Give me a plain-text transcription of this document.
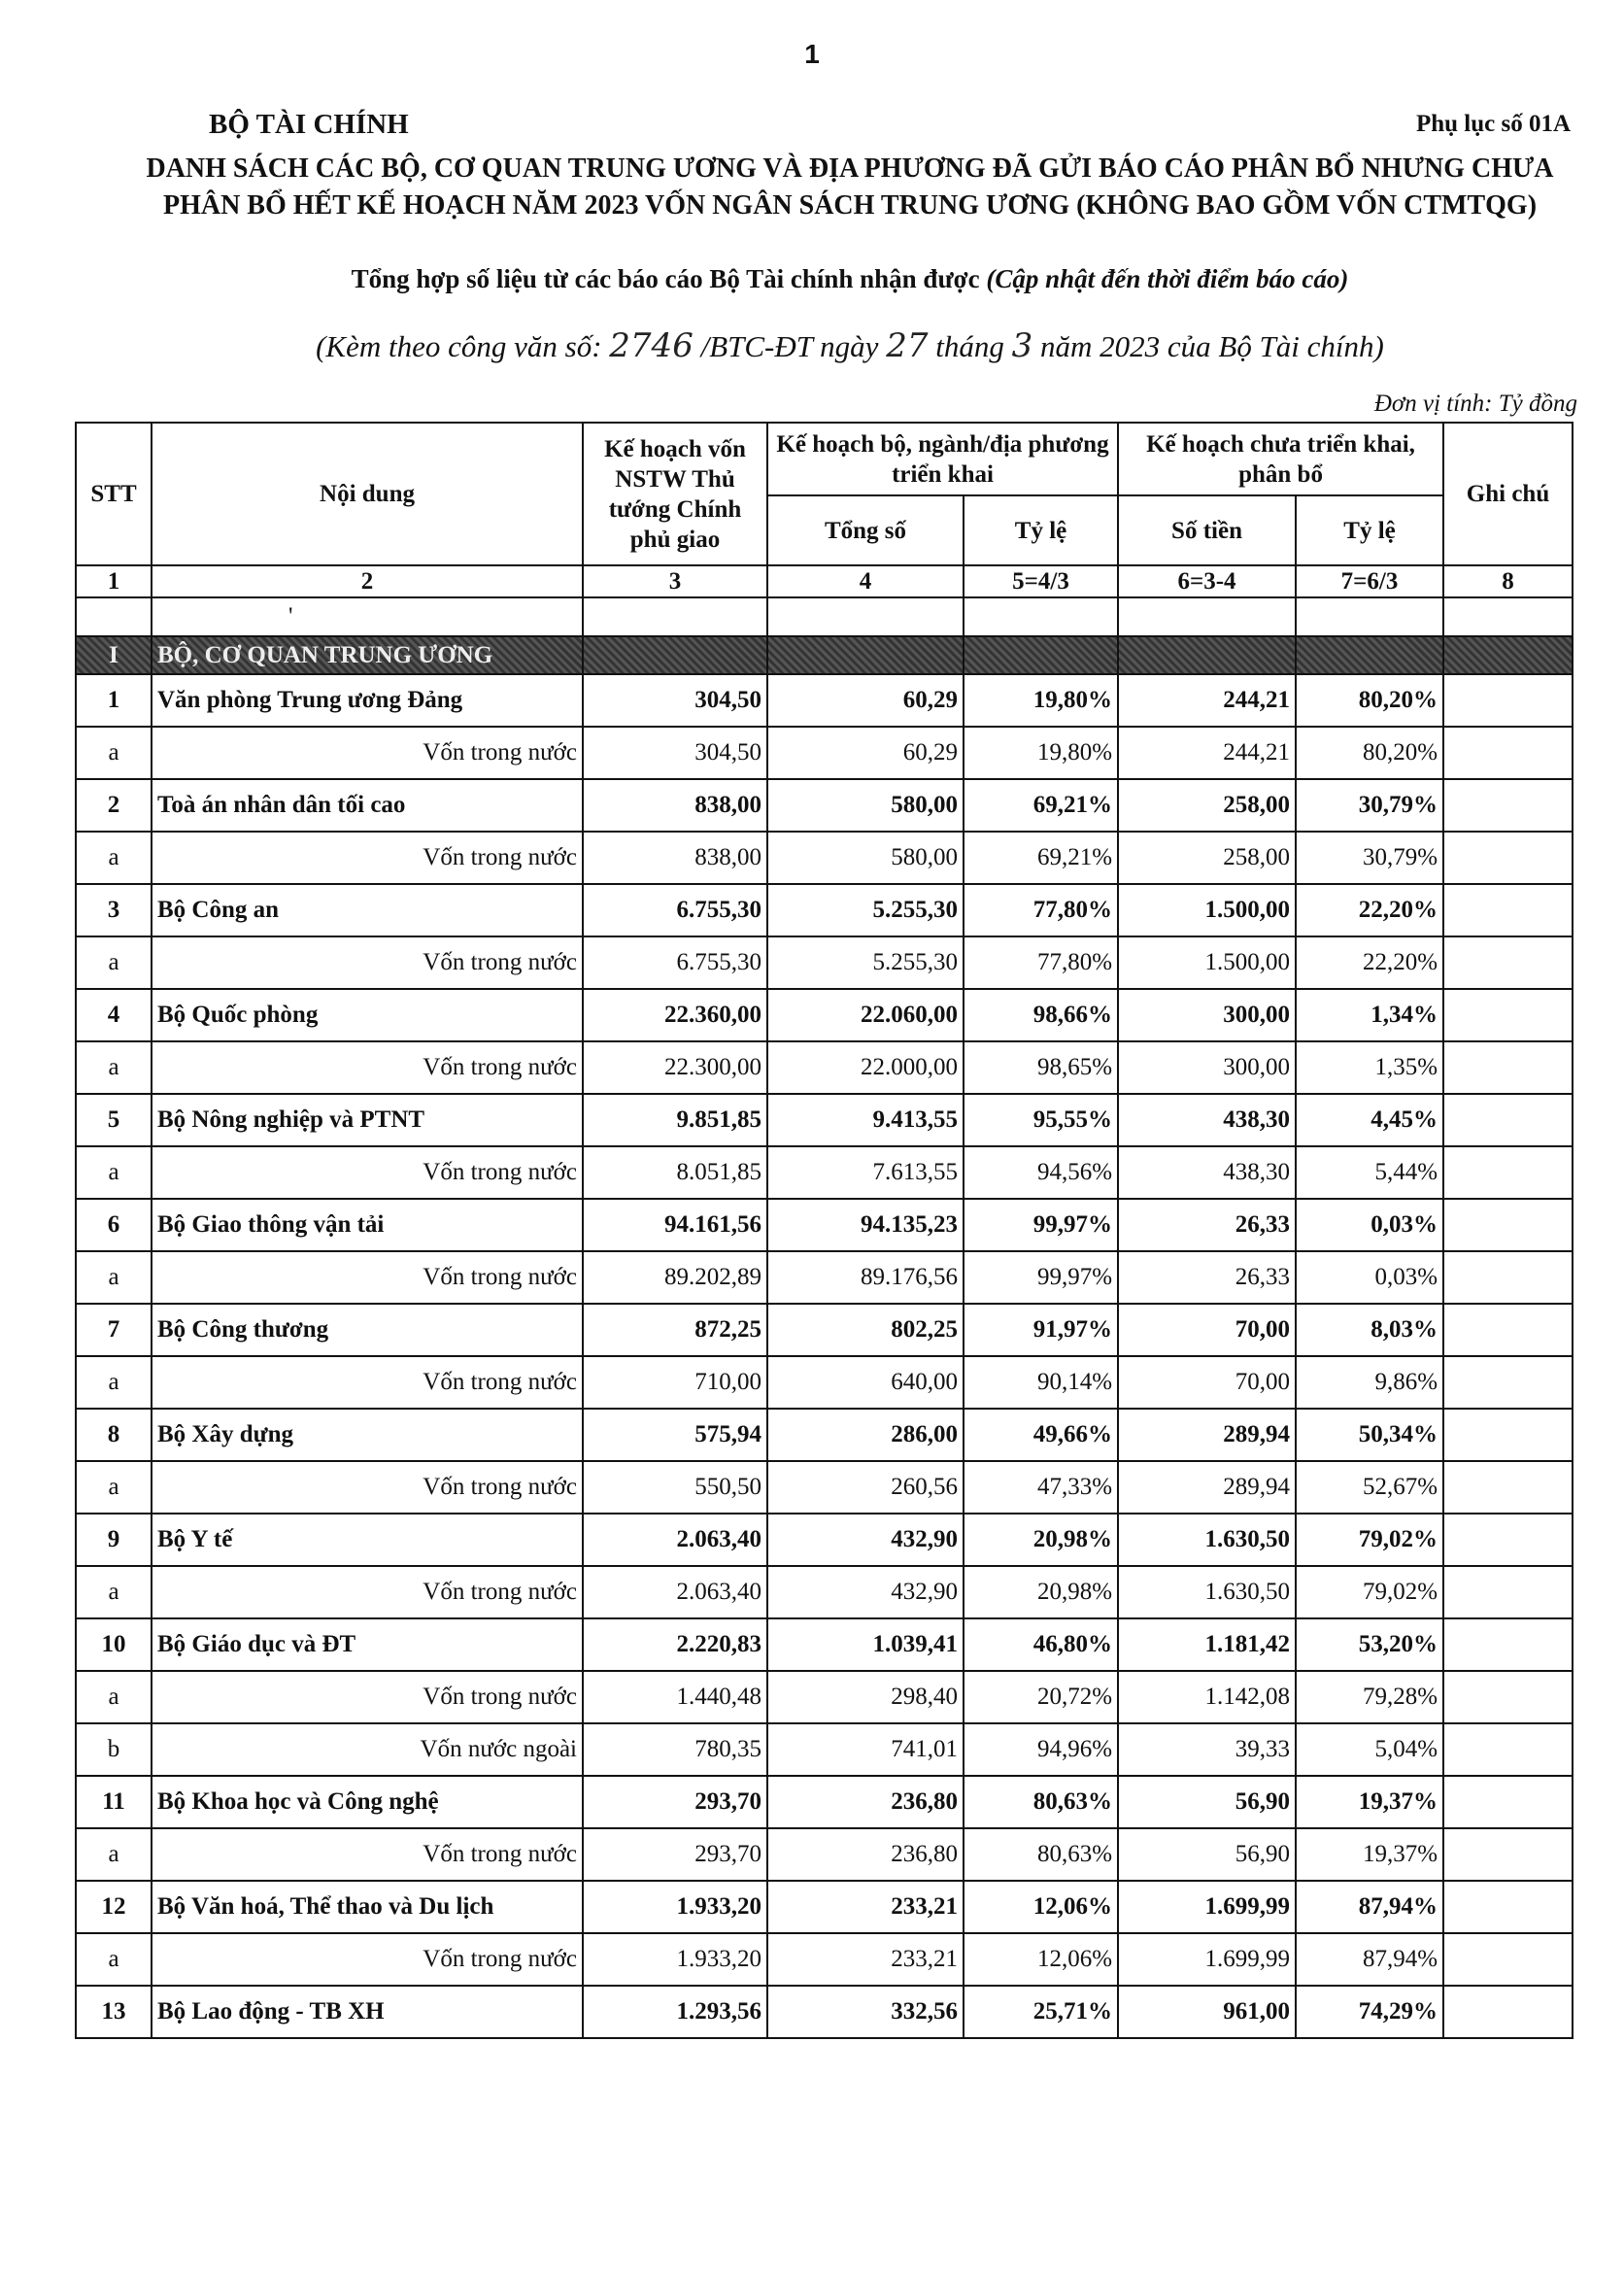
1
BỘ TÀI CHÍNH	Phụ lục số 01A
DANH SÁCH CÁC BỘ, CƠ QUAN TRUNG ƯƠNG VÀ ĐỊA PHƯƠNG ĐÃ GỬI BÁO CÁO PHÂN BỔ NHƯNG CHƯA PHÂN BỔ HẾT KẾ HOẠCH NĂM 2023 VỐN NGÂN SÁCH TRUNG ƯƠNG (KHÔNG BAO GỒM VỐN CTMTQG)
Tổng hợp số liệu từ các báo cáo Bộ Tài chính nhận được (Cập nhật đến thời điểm báo cáo)
(Kèm theo công văn số: 2746 /BTC-ĐT ngày 27 tháng 3 năm 2023 của Bộ Tài chính)
Đơn vị tính: Tỷ đồng
STT	Nội dung	Kế hoạch vốn NSTW Thủ tướng Chính phủ giao	Kế hoạch bộ, ngành/địa phương triển khai		Kế hoạch chưa triển khai, phân bổ		Ghi chú
			Tổng số	Tỷ lệ	Số tiền	Tỷ lệ	
1	2	3	4	5=4/3	6=3-4	7=6/3	8
	'						
I	BỘ, CƠ QUAN TRUNG ƯƠNG						
1	Văn phòng Trung ương Đảng	304,50	60,29	19,80%	244,21	80,20%	
a	Vốn trong nước	304,50	60,29	19,80%	244,21	80,20%	
2	Toà án nhân dân tối cao	838,00	580,00	69,21%	258,00	30,79%	
a	Vốn trong nước	838,00	580,00	69,21%	258,00	30,79%	
3	Bộ Công an	6.755,30	5.255,30	77,80%	1.500,00	22,20%	
a	Vốn trong nước	6.755,30	5.255,30	77,80%	1.500,00	22,20%	
4	Bộ Quốc phòng	22.360,00	22.060,00	98,66%	300,00	1,34%	
a	Vốn trong nước	22.300,00	22.000,00	98,65%	300,00	1,35%	
5	Bộ Nông nghiệp và PTNT	9.851,85	9.413,55	95,55%	438,30	4,45%	
a	Vốn trong nước	8.051,85	7.613,55	94,56%	438,30	5,44%	
6	Bộ Giao thông vận tải	94.161,56	94.135,23	99,97%	26,33	0,03%	
a	Vốn trong nước	89.202,89	89.176,56	99,97%	26,33	0,03%	
7	Bộ Công thương	872,25	802,25	91,97%	70,00	8,03%	
a	Vốn trong nước	710,00	640,00	90,14%	70,00	9,86%	
8	Bộ Xây dựng	575,94	286,00	49,66%	289,94	50,34%	
a	Vốn trong nước	550,50	260,56	47,33%	289,94	52,67%	
9	Bộ Y tế	2.063,40	432,90	20,98%	1.630,50	79,02%	
a	Vốn trong nước	2.063,40	432,90	20,98%	1.630,50	79,02%	
10	Bộ Giáo dục và ĐT	2.220,83	1.039,41	46,80%	1.181,42	53,20%	
a	Vốn trong nước	1.440,48	298,40	20,72%	1.142,08	79,28%	
b	Vốn nước ngoài	780,35	741,01	94,96%	39,33	5,04%	
11	Bộ Khoa học và Công nghệ	293,70	236,80	80,63%	56,90	19,37%	
a	Vốn trong nước	293,70	236,80	80,63%	56,90	19,37%	
12	Bộ Văn hoá, Thể thao và Du lịch	1.933,20	233,21	12,06%	1.699,99	87,94%	
a	Vốn trong nước	1.933,20	233,21	12,06%	1.699,99	87,94%	
13	Bộ Lao động - TB XH	1.293,56	332,56	25,71%	961,00	74,29%	
